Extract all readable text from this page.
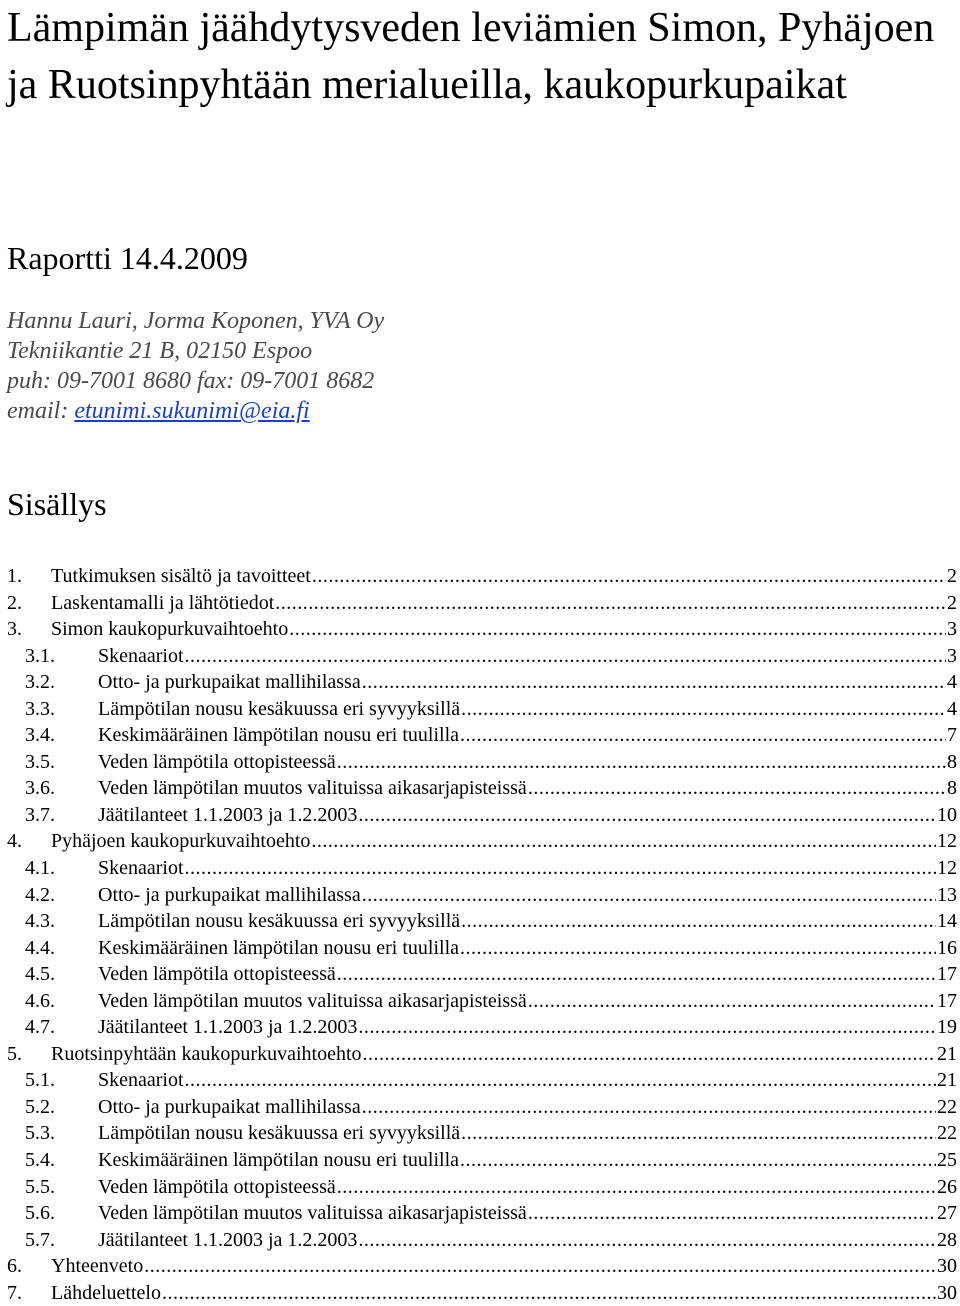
Lämpimän jäähdytysveden leviämien Simon, Pyhäjoen ja Ruotsinpyhtään merialueilla, kaukopurkupaikat
Raportti 14.4.2009
Hannu Lauri, Jorma Koponen, YVA Oy
Tekniikantie 21 B, 02150 Espoo
puh: 09-7001 8680 fax: 09-7001 8682
email: etunimi.sukunimi@eia.fi
Sisällys
1.	Tutkimuksen sisältö ja tavoitteet .....	2
2.	Laskentamalli ja lähtötiedot .....	2
3.	Simon kaukopurkuvaihtoehto .....	3
3.1.	Skenaariot .....	3
3.2.	Otto- ja purkupaikat mallihilassa .....	4
3.3.	Lämpötilan nousu kesäkuussa eri syvyyksillä .....	4
3.4.	Keskimääräinen lämpötilan nousu eri tuulilla .....	7
3.5.	Veden lämpötila ottopisteessä .....	8
3.6.	Veden lämpötilan muutos valituissa aikasarjapisteissä .....	8
3.7.	Jäätilanteet 1.1.2003 ja 1.2.2003 .....	10
4.	Pyhäjoen kaukopurkuvaihtoehto .....	12
4.1.	Skenaariot .....	12
4.2.	Otto- ja purkupaikat mallihilassa .....	13
4.3.	Lämpötilan nousu kesäkuussa eri syvyyksillä .....	14
4.4.	Keskimääräinen lämpötilan nousu eri tuulilla .....	16
4.5.	Veden lämpötila ottopisteessä .....	17
4.6.	Veden lämpötilan muutos valituissa aikasarjapisteissä .....	17
4.7.	Jäätilanteet 1.1.2003 ja 1.2.2003 .....	19
5.	Ruotsinpyhtään kaukopurkuvaihtoehto .....	21
5.1.	Skenaariot .....	21
5.2.	Otto- ja purkupaikat mallihilassa .....	22
5.3.	Lämpötilan nousu kesäkuussa eri syvyyksillä .....	22
5.4.	Keskimääräinen lämpötilan nousu eri tuulilla .....	25
5.5.	Veden lämpötila ottopisteessä .....	26
5.6.	Veden lämpötilan muutos valituissa aikasarjapisteissä .....	27
5.7.	Jäätilanteet 1.1.2003 ja 1.2.2003 .....	28
6.	Yhteenveto .....	30
7.	Lähdeluettelo .....	30
